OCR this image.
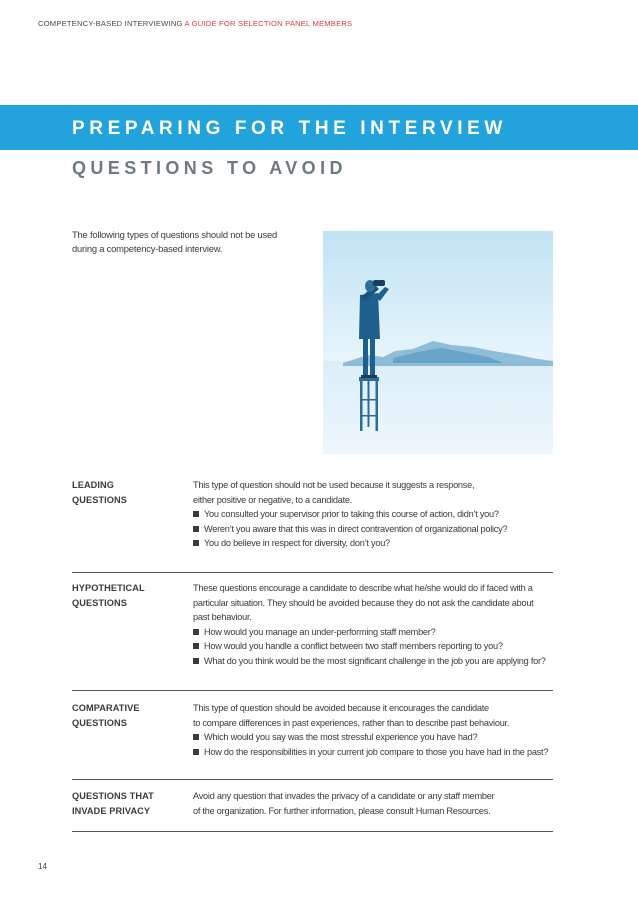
COMPETENCY-BASED INTERVIEWING A GUIDE FOR SELECTION PANEL MEMBERS
PREPARING FOR THE INTERVIEW
QUESTIONS TO AVOID
The following types of questions should not be used during a competency-based interview.
LEADING
QUESTIONS

This type of question should not be used because it suggests a response,

either positive or negative, to a candidate.

You consulted your supervisor prior to taking this course of action, didn’t you?
Weren’t you aware that this was in direct contravention of organizational policy?
You do believe in respect for diversity, don’t you?
HYPOTHETICAL
QUESTIONS

These questions encourage a candidate to describe what he/she would do if faced with a

particular situation. They should be avoided because they do not ask the candidate about

past behaviour.

How would you manage an under-performing staff member?
How would you handle a conflict between two staff members reporting to you?
What do you think would be the most significant challenge in the job you are applying for?
COMPARATIVE
QUESTIONS

This type of question should be avoided because it encourages the candidate

to compare differences in past experiences, rather than to describe past behaviour.

Which would you say was the most stressful experience you have had?
How do the responsibilities in your current job compare to those you have had in the past?
QUESTIONS THAT
INVADE PRIVACY

Avoid any question that invades the privacy of a candidate or any staff member

of the organization. For further information, please consult Human Resources.

14
